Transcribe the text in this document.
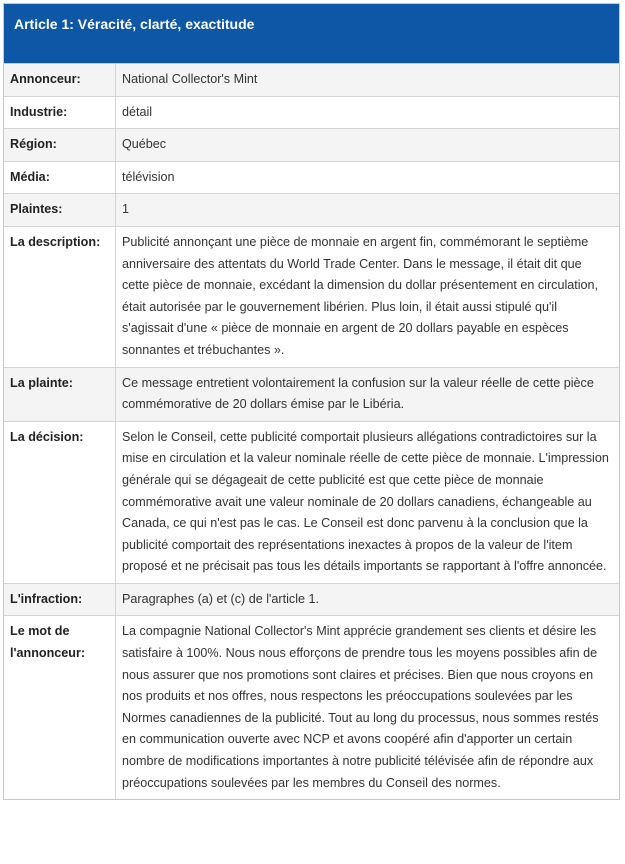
Article 1: Véracité, clarté, exactitude
Annonceur:	National Collector's Mint
Industrie:	détail
Région:	Québec
Média:	télévision
Plaintes:	1
La description:	Publicité annonçant une pièce de monnaie en argent fin, commémorant le septième anniversaire des attentats du World Trade Center. Dans le message, il était dit que cette pièce de monnaie, excédant la dimension du dollar présentement en circulation, était autorisée par le gouvernement libérien. Plus loin, il était aussi stipulé qu'il s'agissait d'une « pièce de monnaie en argent de 20 dollars payable en espèces sonnantes et trébuchantes ».
La plainte:	Ce message entretient volontairement la confusion sur la valeur réelle de cette pièce commémorative de 20 dollars émise par le Libéria.
La décision:	Selon le Conseil, cette publicité comportait plusieurs allégations contradictoires sur la mise en circulation et la valeur nominale réelle de cette pièce de monnaie. L'impression générale qui se dégageait de cette publicité est que cette pièce de monnaie commémorative avait une valeur nominale de 20 dollars canadiens, échangeable au Canada, ce qui n'est pas le cas. Le Conseil est donc parvenu à la conclusion que la publicité comportait des représentations inexactes à propos de la valeur de l'item proposé et ne précisait pas tous les détails importants se rapportant à l'offre annoncée.
L'infraction:	Paragraphes (a) et (c) de l'article 1.
Le mot de l'annonceur:	La compagnie National Collector's Mint apprécie grandement ses clients et désire les satisfaire à 100%. Nous nous efforçons de prendre tous les moyens possibles afin de nous assurer que nos promotions sont claires et précises. Bien que nous croyons en nos produits et nos offres, nous respectons les préoccupations soulevées par les Normes canadiennes de la publicité. Tout au long du processus, nous sommes restés en communication ouverte avec NCP et avons coopéré afin d'apporter un certain nombre de modifications importantes à notre publicité télévisée afin de répondre aux préoccupations soulevées par les membres du Conseil des normes.
